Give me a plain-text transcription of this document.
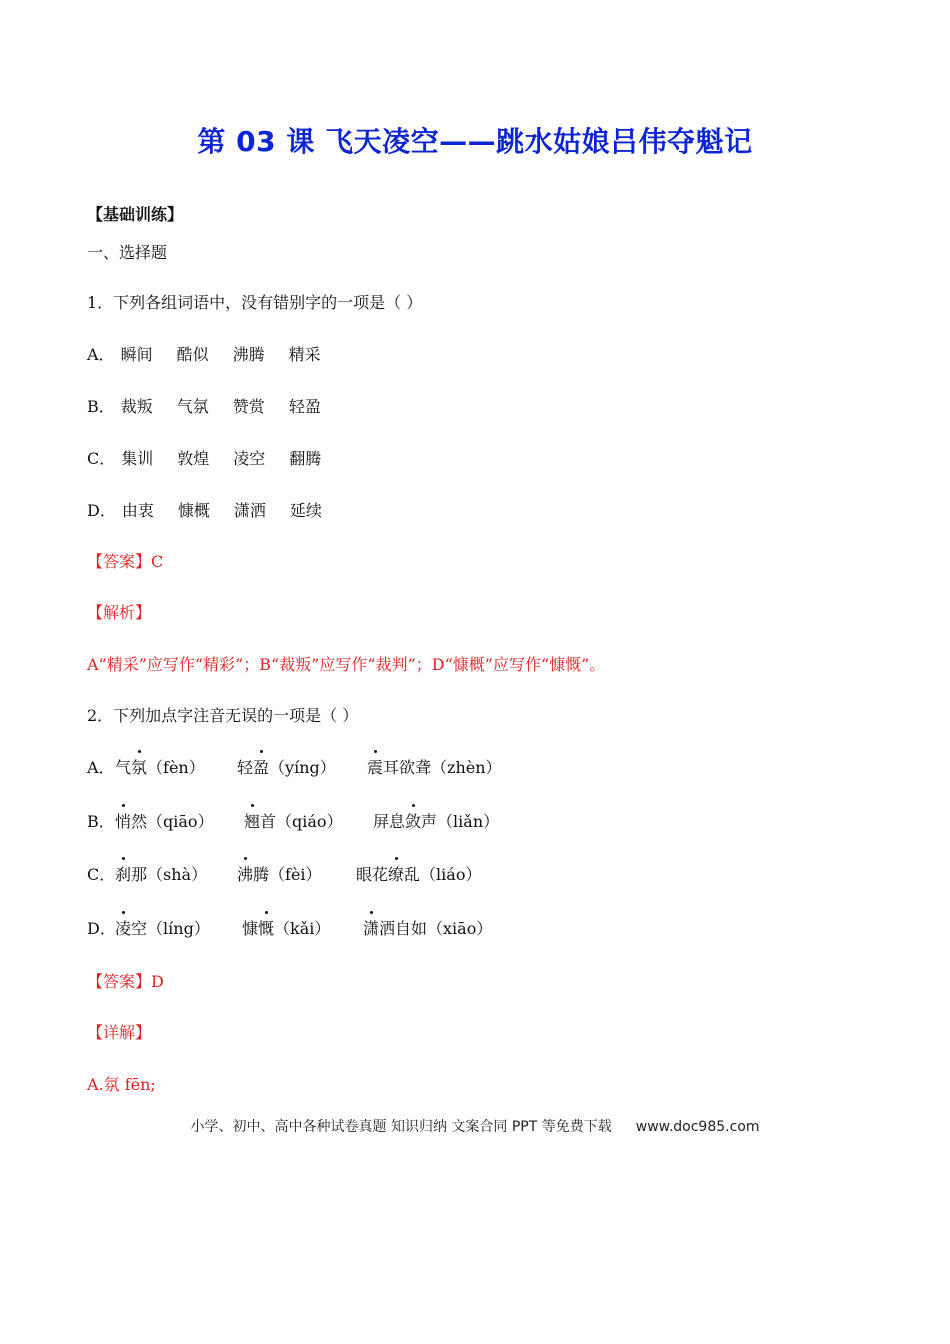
第 03 课 飞天凌空——跳水姑娘吕伟夺魁记
【基础训练】
一、选择题
1．下列各组词语中，没有错别字的一项是（ ）
A． 瞬间 酷似 沸腾 精采
B． 裁叛 气氛 赞赏 轻盈
C． 集训 敦煌 凌空 翻腾
D． 由衷 慷概 潇洒 延续
【答案】C
【解析】
A“精采”应写作“精彩”；B“裁叛”应写作“裁判”；D“慷概”应写作“慷慨”。
2．下列加点字注音无误的一项是（ ）
A． 气氛（fèn） 轻盈（yíng） 震耳欲聋（zhèn）
B． 悄然（qiāo） 翘首（qiáo） 屏息敛声（liǎn）
C． 刹那（shà） 沸腾（fèi） 眼花缭乱（liáo）
D． 凌空（líng） 慷慨（kǎi） 潇洒自如（xiāo）
【答案】D
【详解】
A.氛 fēn;
小学、初中、高中各种试卷真题 知识归纳 文案合同 PPT 等免费下载 www.doc985.com
